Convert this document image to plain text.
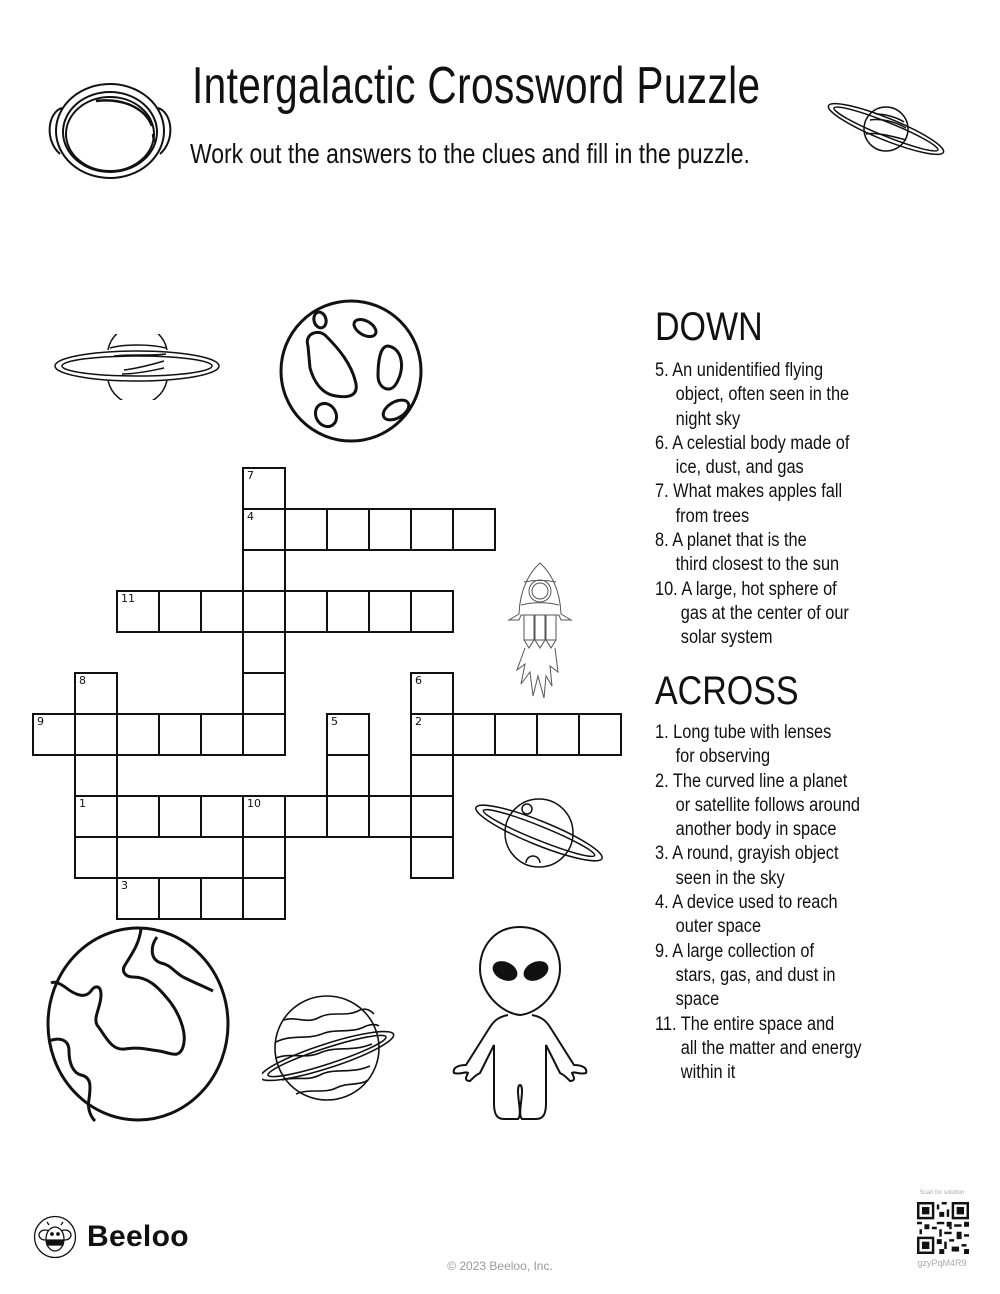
Intergalactic Crossword Puzzle
Work out the answers to the clues and fill in the puzzle.
7
4
11
8	6
9	5	2
1	10
3
DOWN
5. An unidentified flying
object, often seen in the
night sky
6. A celestial body made of
ice, dust, and gas
7. What makes apples fall
from trees
8. A planet that is the
third closest to the sun
10. A large, hot sphere of
gas at the center of our
solar system
ACROSS
1. Long tube with lenses
for observing
2. The curved line a planet
or satellite follows around
another body in space
3. A round, grayish object
seen in the sky
4. A device used to reach
outer space
9. A large collection of
stars, gas, and dust in
space
11. The entire space and
all the matter and energy
within it
Beeloo
© 2023 Beeloo, Inc.
Scan for solution
gzyPqM4R9
